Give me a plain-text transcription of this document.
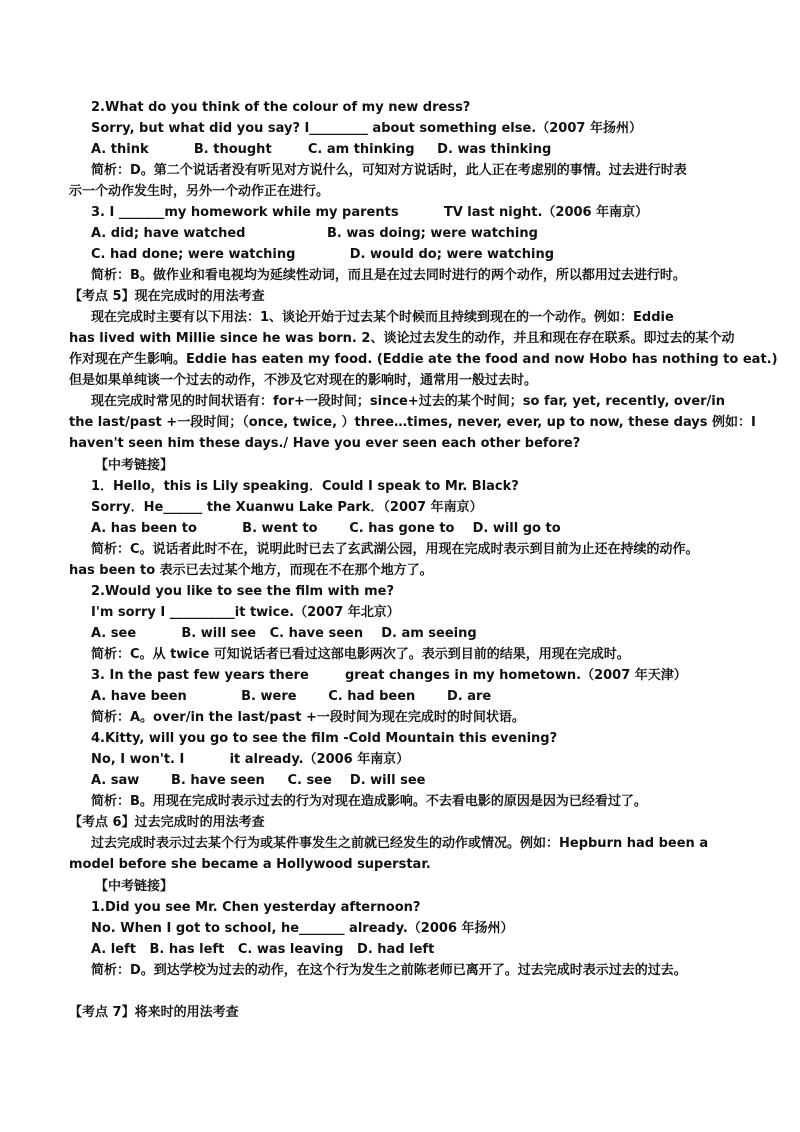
2.What do you think of the colour of my new dress?
Sorry, but what did you say? I_________ about something else.（2007 年扬州）
A. think          B. thought        C. am thinking     D. was thinking
简析：D。第二个说话者没有听见对方说什么，可知对方说话时，此人正在考虑别的事情。过去进行时表
示一个动作发生时，另外一个动作正在进行。
3. I _______my homework while my parents          TV last night.（2006 年南京）
A. did; have watched                  B. was doing; were watching
C. had done; were watching            D. would do; were watching
简析：B。做作业和看电视均为延续性动词，而且是在过去同时进行的两个动作，所以都用过去进行时。
【考点 5】现在完成时的用法考查
现在完成时主要有以下用法：1、谈论开始于过去某个时候而且持续到现在的一个动作。例如：Eddie
has lived with Millie since he was born. 2、谈论过去发生的动作，并且和现在存在联系。即过去的某个动
作对现在产生影响。Eddie has eaten my food. (Eddie ate the food and now Hobo has nothing to eat.)
但是如果单纯谈一个过去的动作，不涉及它对现在的影响时，通常用一般过去时。
现在完成时常见的时间状语有：for+一段时间；since+过去的某个时间；so far, yet, recently, over/in
the last/past +一段时间；（once, twice, ）three…times, never, ever, up to now, these days 例如：I
haven't seen him these days./ Have you ever seen each other before?
【中考链接】
1．Hello，this is Lily speaking．Could I speak to Mr. Black?
Sorry．He______ the Xuanwu Lake Park．（2007 年南京）
A. has been to          B. went to       C. has gone to    D. will go to
简析：C。说话者此时不在，说明此时已去了玄武湖公园，用现在完成时表示到目前为止还在持续的动作。
has been to 表示已去过某个地方，而现在不在那个地方了。
2.Would you like to see the film with me?
I'm sorry I __________it twice.（2007 年北京）
A. see          B. will see   C. have seen    D. am seeing
简析：C。从 twice 可知说话者已看过这部电影两次了。表示到目前的结果，用现在完成时。
3. In the past few years there        great changes in my hometown.（2007 年天津）
A. have been            B. were       C. had been       D. are
简析：A。over/in the last/past +一段时间为现在完成时的时间状语。
4.Kitty, will you go to see the film -Cold Mountain this evening?
No, I won't. I          it already.（2006 年南京）
A. saw       B. have seen     C. see    D. will see
简析：B。用现在完成时表示过去的行为对现在造成影响。不去看电影的原因是因为已经看过了。
【考点 6】过去完成时的用法考查
过去完成时表示过去某个行为或某件事发生之前就已经发生的动作或情况。例如：Hepburn had been a
model before she became a Hollywood superstar.
【中考链接】
1.Did you see Mr. Chen yesterday afternoon?
No. When I got to school, he_______ already.（2006 年扬州）
A. left   B. has left   C. was leaving   D. had left
简析：D。到达学校为过去的动作，在这个行为发生之前陈老师已离开了。过去完成时表示过去的过去。
【考点 7】将来时的用法考查
